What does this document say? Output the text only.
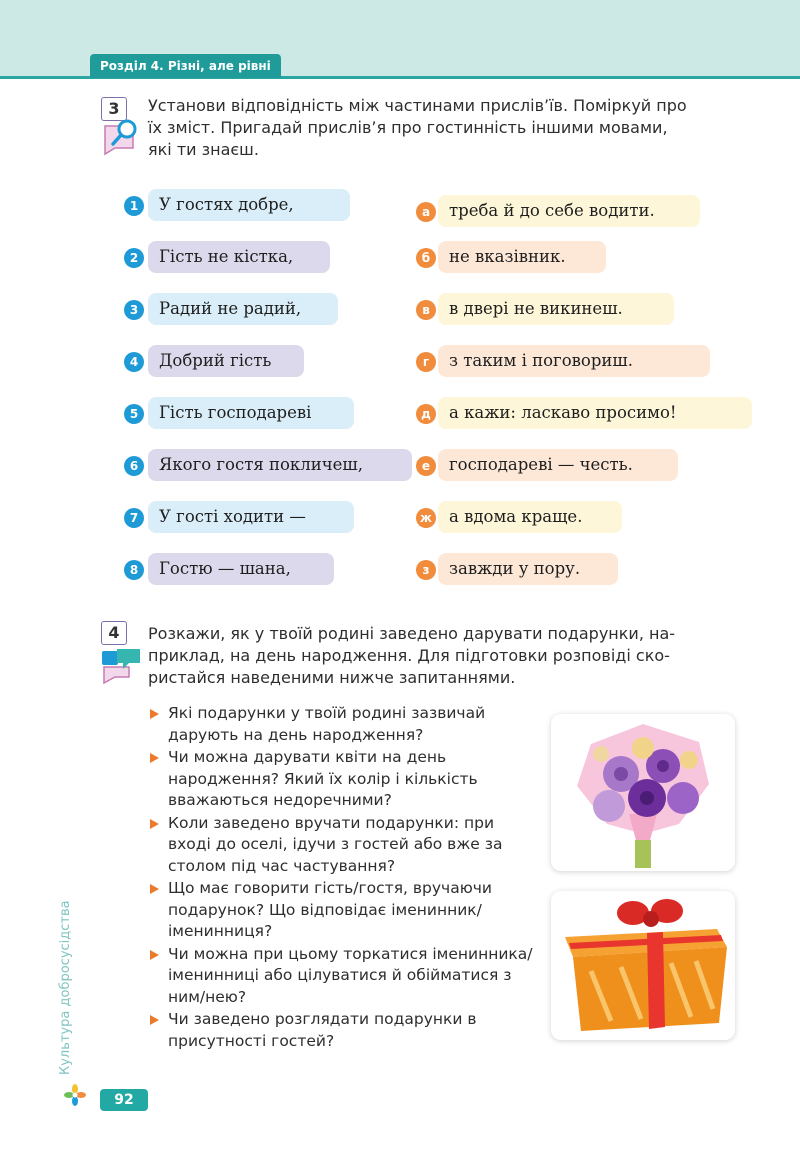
Розділ 4. Різні, але рівні
3	Установи відповідність між частинами прислів’їв. Поміркуй про
їх зміст. Пригадай прислів’я про гостинність іншими мовами,
які ти знаєш.
1	У гостях добре,
2	Гість не кістка,
3	Радий не радий,
4	Добрий гість
5	Гість господареві
6	Якого гостя покличеш,
7	У гості ходити —
8	Гостю — шана,
а	треба й до себе водити.
б	не вказівник.
в	в двері не викинеш.
г	з таким і поговориш.
д	а кажи: ласкаво просимо!
е	господареві — честь.
ж	а вдома краще.
з	завжди у пору.
4	Розкажи, як у твоїй родині заведено дарувати подарунки, на-
приклад, на день народження. Для підготовки розповіді ско-
ристайся наведеними нижче запитаннями.
Які подарунки у твоїй родині зазвичай дарують на день народження?
Чи можна дарувати квіти на день народження? Який їх колір і кількість вважаються недоречними?
Коли заведено вручати подарунки: при вході до оселі, ідучи з гостей або вже за столом під час частування?
Що має говорити гість/гостя, вручаючи подарунок? Що відповідає іменинник/іменинниця?
Чи можна при цьому торкатися іменинника/іменинниці або цілуватися й обійматися з ним/нею?
Чи заведено розглядати подарунки в присутності гостей?
Культура добросусідства
92
